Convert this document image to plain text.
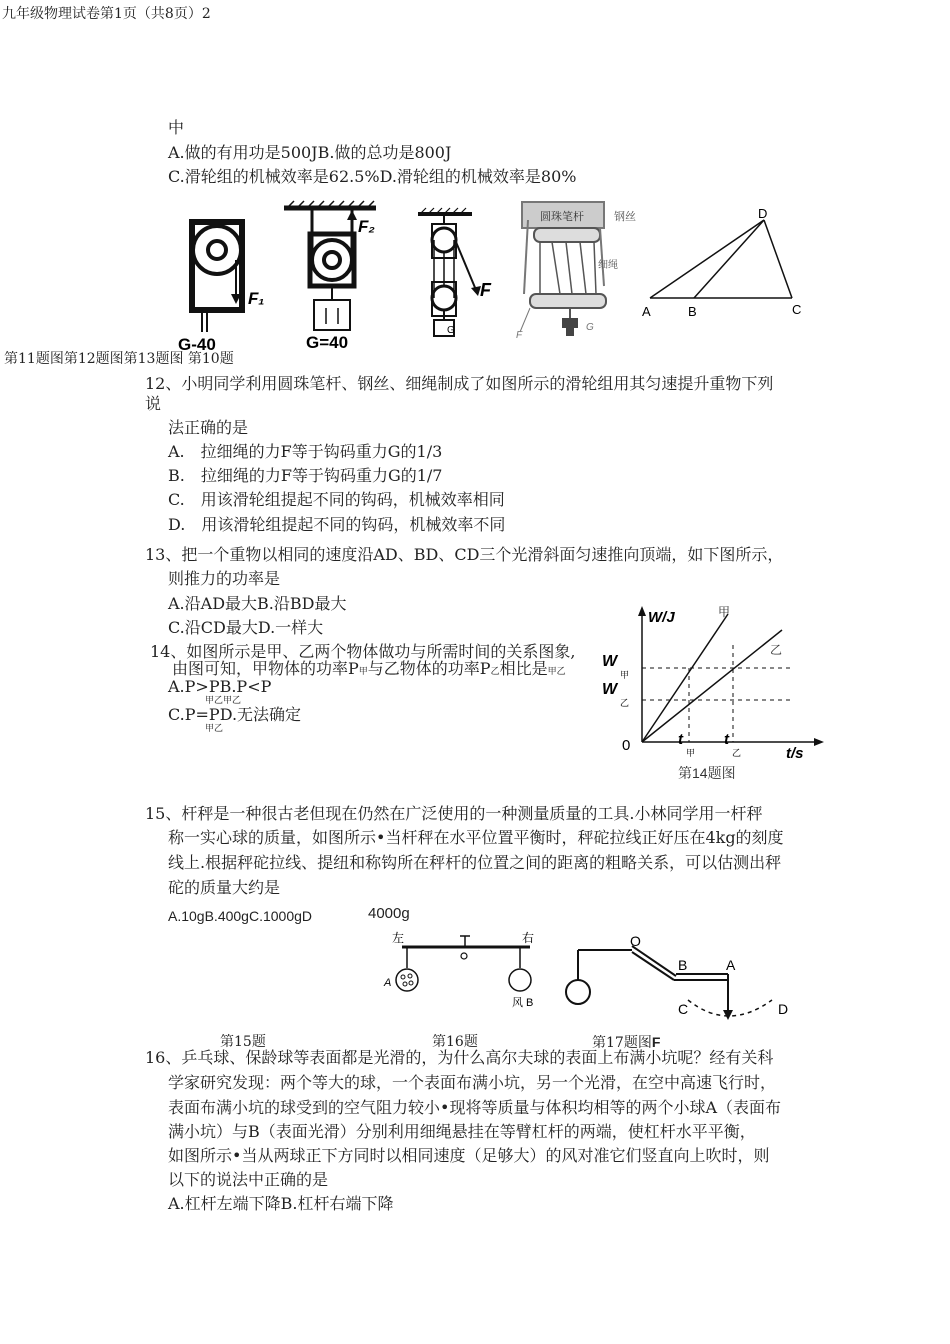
九年级物理试卷第1页（共8页）2
中
A.做的有用功是500JB.做的总功是800J
C.滑轮组的机械效率是62.5%D.滑轮组的机械效率是80%
F₁
G-40
F₂
G=40
G
F
圆珠笔杆	钢丝
细绳
F
G
A	B	C
D
第11题图第12题图第13题图 第10题
12、小明同学利用圆珠笔杆、钢丝、细绳制成了如图所示的滑轮组用其匀速提升重物下列
说
法正确的是
A.　拉细绳的力F等于钩码重力G的1/3
B.　拉细绳的力F等于钩码重力G的1/7
C.　用该滑轮组提起不同的钩码，机械效率相同
D.　用该滑轮组提起不同的钩码，机械效率不同
13、把一个重物以相同的速度沿AD、BD、CD三个光滑斜面匀速推向顶端，如下图所示，
则推力的功率是
A.沿AD最大B.沿BD最大
C.沿CD最大D.一样大
14、如图所示是甲、乙两个物体做功与所需时间的关系图象,
由图可知，甲物体的功率P甲与乙物体的功率P乙相比是甲乙
A.P>PB.P<P
甲乙甲乙
C.P=PD.无法确定
甲乙
W/J
t/s
0
甲
乙
W
甲
W
乙
t
甲
t
乙
第14题图
15、杆秤是一种很古老但现在仍然在广泛使用的一种测量质量的工具.小林同学用一杆秤
称一实心球的质量，如图所示•当杆秤在水平位置平衡时，秤砣拉线正好压在4kg的刻度
线上.根据秤砣拉线、提纽和称钩所在秤杆的位置之间的距离的粗略关系，可以估测出秤
砣的质量大约是
A.10gB.400gC.1000gD	4000g
左	右
A
风 B
O
B	A
C	D
第15题	第16题	第17题图F
16、乒乓球、保龄球等表面都是光滑的，为什么高尔夫球的表面上布满小坑呢？经有关科
学家研究发现：两个等大的球，一个表面布满小坑，另一个光滑，在空中高速飞行时，
表面布满小坑的球受到的空气阻力较小•现将等质量与体积均相等的两个小球A（表面布
满小坑）与B（表面光滑）分别利用细绳悬挂在等臂杠杆的两端，使杠杆水平平衡，
如图所示•当从两球正下方同时以相同速度（足够大）的风对准它们竖直向上吹时，则
以下的说法中正确的是
A.杠杆左端下降B.杠杆右端下降
